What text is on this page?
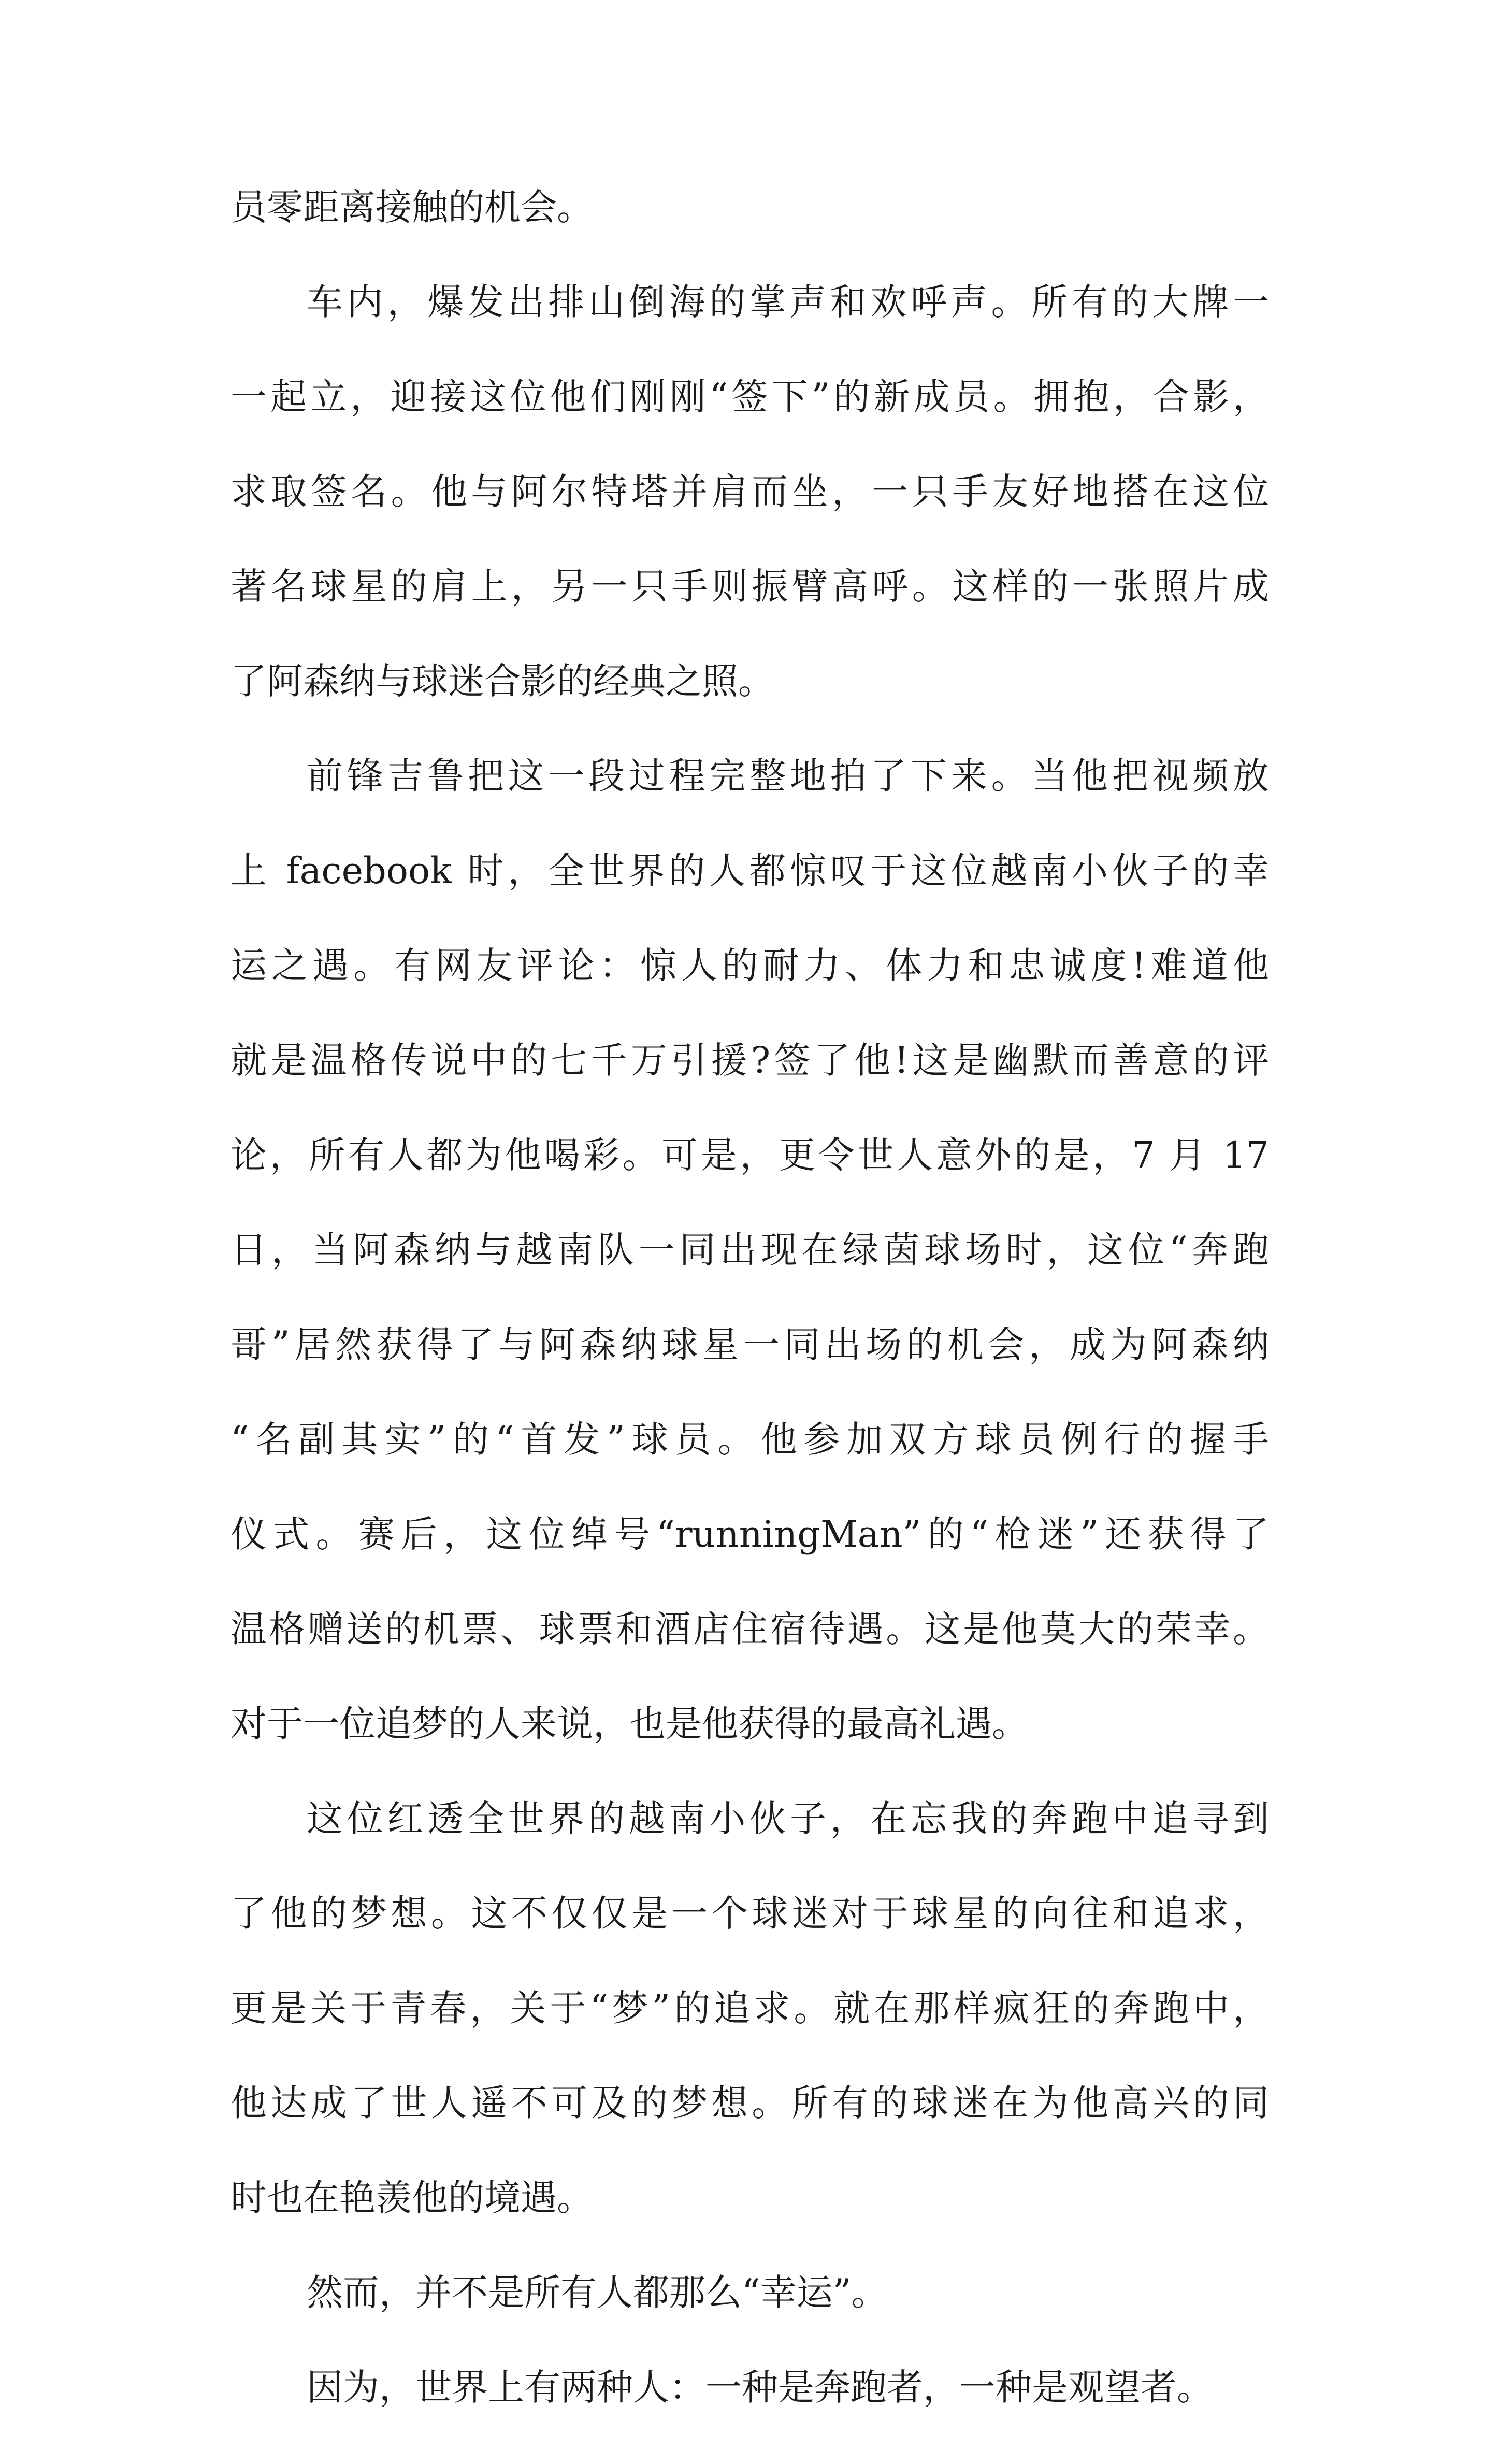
员零距离接触的机会。
车内，爆发出排山倒海的掌声和欢呼声。所有的大牌一
一起立，迎接这位他们刚刚“签下”的新成员。拥抱，合影，
求取签名。他与阿尔特塔并肩而坐，一只手友好地搭在这位
著名球星的肩上，另一只手则振臂高呼。这样的一张照片成
了阿森纳与球迷合影的经典之照。
前锋吉鲁把这一段过程完整地拍了下来。当他把视频放
上 facebook 时，全世界的人都惊叹于这位越南小伙子的幸
运之遇。有网友评论：惊人的耐力、体力和忠诚度!难道他
就是温格传说中的七千万引援?签了他!这是幽默而善意的评
论，所有人都为他喝彩。可是，更令世人意外的是，7 月 17
日，当阿森纳与越南队一同出现在绿茵球场时，这位“奔跑
哥”居然获得了与阿森纳球星一同出场的机会，成为阿森纳
“名副其实”的“首发”球员。他参加双方球员例行的握手
仪式。赛后，这位绰号“runningMan”的“枪迷”还获得了
温格赠送的机票、球票和酒店住宿待遇。这是他莫大的荣幸。
对于一位追梦的人来说，也是他获得的最高礼遇。
这位红透全世界的越南小伙子，在忘我的奔跑中追寻到
了他的梦想。这不仅仅是一个球迷对于球星的向往和追求，
更是关于青春，关于“梦”的追求。就在那样疯狂的奔跑中，
他达成了世人遥不可及的梦想。所有的球迷在为他高兴的同
时也在艳羡他的境遇。
然而，并不是所有人都那么“幸运”。
因为，世界上有两种人：一种是奔跑者，一种是观望者。
